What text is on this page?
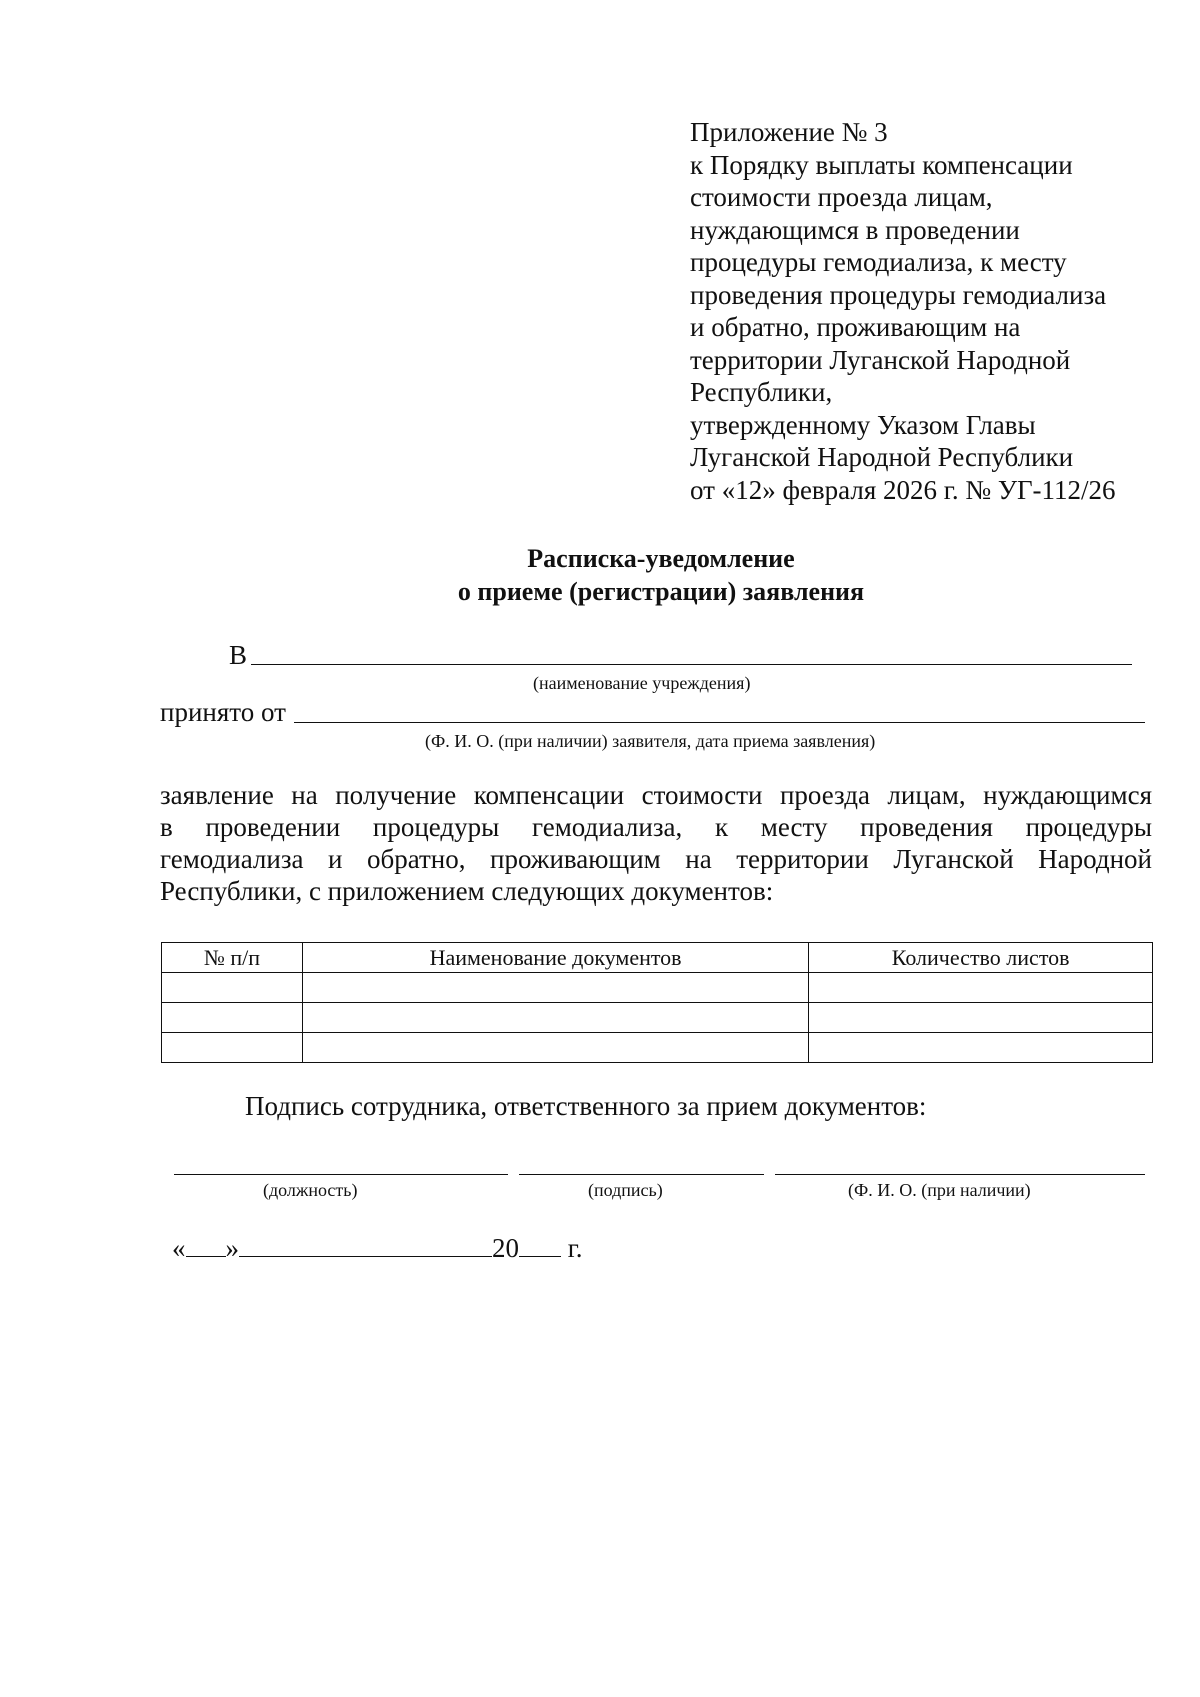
Приложение № 3
к Порядку выплаты компенсации
стоимости проезда лицам,
нуждающимся в проведении
процедуры гемодиализа, к месту
проведения процедуры гемодиализа
и обратно, проживающим на
территории Луганской Народной
Республики,
утвержденному Указом Главы
Луганской Народной Республики
от «12» февраля 2026 г. № УГ-112/26
Расписка-уведомление
о приеме (регистрации) заявления
В
(наименование учреждения)
принято от
(Ф. И. О. (при наличии) заявителя, дата приема заявления)
заявление на получение компенсации стоимости проезда лицам, нуждающимся
в проведении процедуры гемодиализа, к месту проведения процедуры
гемодиализа и обратно, проживающим на территории Луганской Народной
Республики, с приложением следующих документов:
№ п/п	Наименование документов	Количество листов

Подпись сотрудника, ответственного за прием документов:
(должность)	(подпись)	(Ф. И. О. (при наличии)
« »	20 г.
